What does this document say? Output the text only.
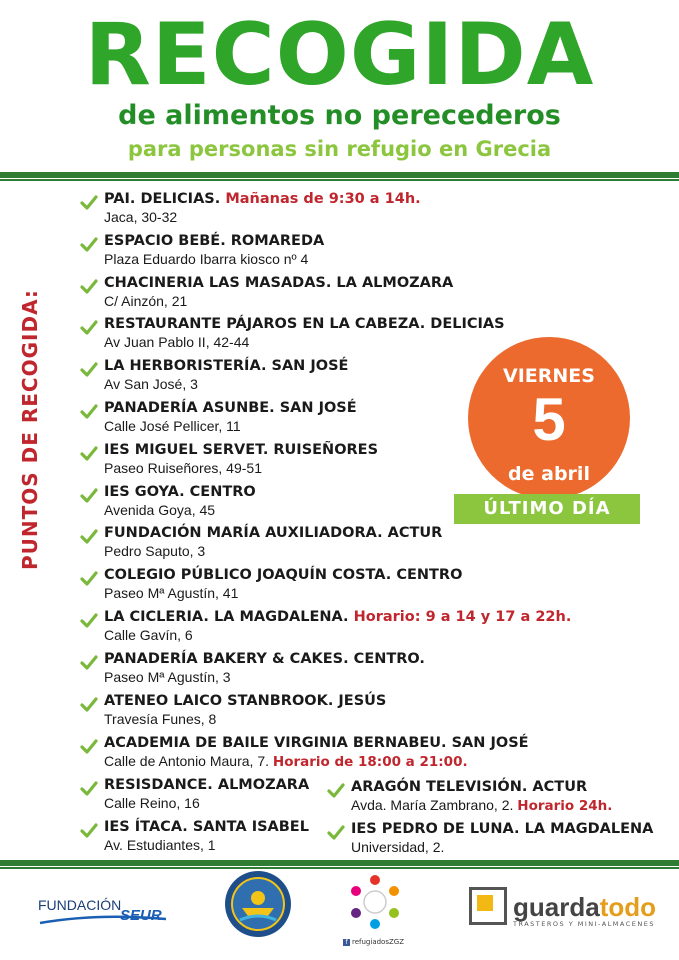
RECOGIDA
de alimentos no perecederos
para personas sin refugio en Grecia
PUNTOS DE RECOGIDA:
PAI. DELICIAS. Mañanas de 9:30 a 14h.
Jaca, 30-32
ESPACIO BEBÉ. ROMAREDA
Plaza Eduardo Ibarra kiosco nº 4
CHACINERIA LAS MASADAS. LA ALMOZARA
C/ Ainzón, 21
RESTAURANTE PÁJAROS EN LA CABEZA. DELICIAS
Av Juan Pablo II, 42-44
LA HERBORISTERÍA. SAN JOSÉ
Av San José, 3
PANADERÍA ASUNBE. SAN JOSÉ
Calle José Pellicer, 11
IES MIGUEL SERVET. RUISEÑORES
Paseo Ruiseñores, 49-51
IES GOYA. CENTRO
Avenida Goya, 45
FUNDACIÓN MARÍA AUXILIADORA. ACTUR
Pedro Saputo, 3
COLEGIO PÚBLICO JOAQUÍN COSTA. CENTRO
Paseo Mª Agustín, 41
LA CICLERIA. LA MAGDALENA. Horario: 9 a 14 y 17 a 22h.
Calle Gavín, 6
PANADERÍA BAKERY & CAKES. CENTRO.
Paseo Mª Agustín, 3
ATENEO LAICO STANBROOK. JESÚS
Travesía Funes, 8
ACADEMIA DE BAILE VIRGINIA BERNABEU. SAN JOSÉ
Calle de Antonio Maura, 7. Horario de 18:00 a 21:00.
RESISDANCE. ALMOZARA
Calle Reino, 16
IES ÍTACA. SANTA ISABEL
Av. Estudiantes, 1
ARAGÓN TELEVISIÓN. ACTUR
Avda. María Zambrano, 2. Horario 24h.
IES PEDRO DE LUNA. LA MAGDALENA
Universidad, 2.
VIERNES
5
de abril
ÚLTIMO DÍA
FUNDACIÓN
SEUR
f refugiadosZGZ
guardatodo
TRASTEROS Y MINI-ALMACENES
